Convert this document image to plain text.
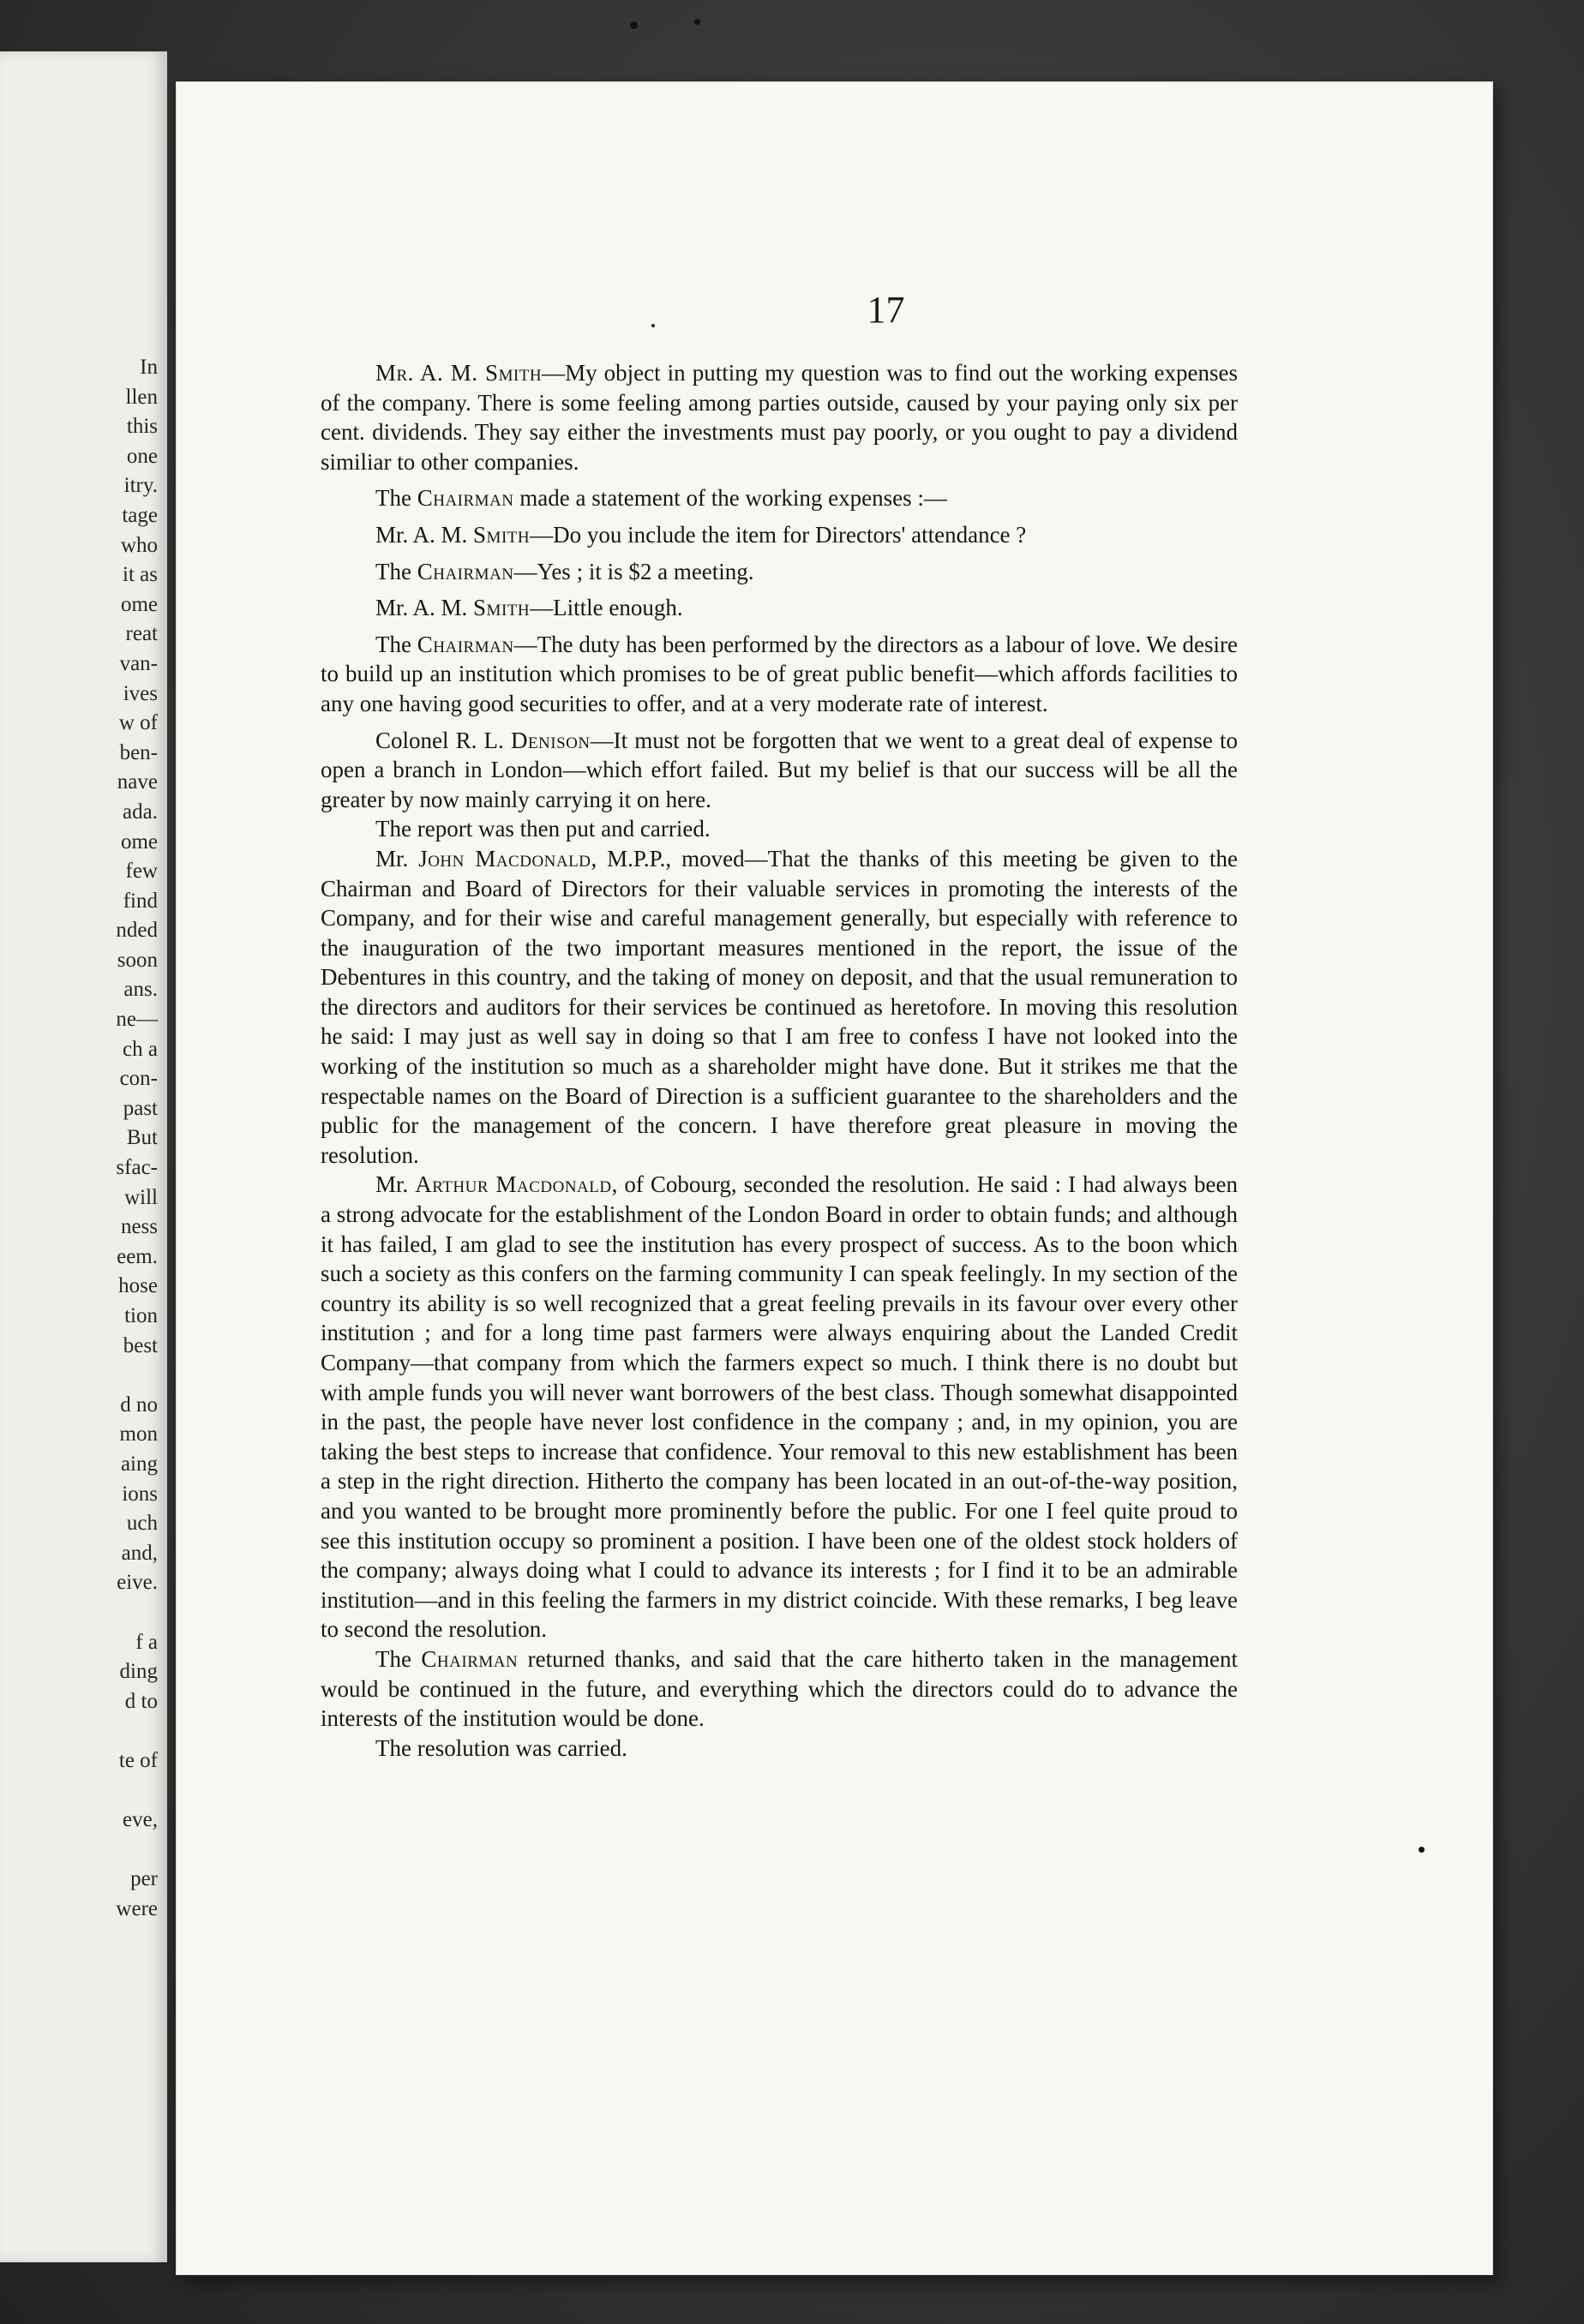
In
llen
this
one
itry.
tage
who
it as
ome
reat
van-
ives
w of
ben-
nave
ada.
ome
few
find
nded
soon
ans.
ne—
ch a
con-
past
But
sfac-
will
ness
eem.
hose
tion
best

d no
mon
aing
ions
uch
and,
eive.

f a
ding
d to

te of

eve,

per
were
17

Mr. A. M. Smith—My object in putting my question was to find out the working expenses of the company. There is some feeling among parties outside, caused by your paying only six per cent. dividends. They say either the investments must pay poorly, or you ought to pay a dividend similiar to other companies.

The Chairman made a statement of the working expenses :—

Mr. A. M. Smith—Do you include the item for Directors' attendance ?

The Chairman—Yes ; it is $2 a meeting.

Mr. A. M. Smith—Little enough.

The Chairman—The duty has been performed by the directors as a labour of love. We desire to build up an institution which promises to be of great public benefit—which affords facilities to any one having good securities to offer, and at a very moderate rate of interest.

Colonel R. L. Denison—It must not be forgotten that we went to a great deal of expense to open a branch in London—which effort failed. But my belief is that our success will be all the greater by now mainly carrying it on here.

The report was then put and carried.

Mr. John Macdonald, M.P.P., moved—That the thanks of this meeting be given to the Chairman and Board of Directors for their valuable services in promoting the interests of the Company, and for their wise and careful management generally, but especially with reference to the inauguration of the two important measures mentioned in the report, the issue of the Debentures in this country, and the taking of money on deposit, and that the usual remuneration to the directors and auditors for their services be continued as heretofore. In moving this resolution he said: I may just as well say in doing so that I am free to confess I have not looked into the working of the institution so much as a shareholder might have done. But it strikes me that the respectable names on the Board of Direction is a sufficient guarantee to the shareholders and the public for the management of the concern. I have therefore great pleasure in moving the resolution.

Mr. Arthur Macdonald, of Cobourg, seconded the resolution. He said : I had always been a strong advocate for the establishment of the London Board in order to obtain funds; and although it has failed, I am glad to see the institution has every prospect of success. As to the boon which such a society as this confers on the farming community I can speak feelingly. In my section of the country its ability is so well recognized that a great feeling prevails in its favour over every other institution ; and for a long time past farmers were always enquiring about the Landed Credit Company—that company from which the farmers expect so much. I think there is no doubt but with ample funds you will never want borrowers of the best class. Though somewhat disappointed in the past, the people have never lost confidence in the company ; and, in my opinion, you are taking the best steps to increase that confidence. Your removal to this new establishment has been a step in the right direction. Hitherto the company has been located in an out-of-the-way position, and you wanted to be brought more prominently before the public. For one I feel quite proud to see this institution occupy so prominent a position. I have been one of the oldest stock holders of the company; always doing what I could to advance its interests ; for I find it to be an admirable institution—and in this feeling the farmers in my district coincide. With these remarks, I beg leave to second the resolution.

The Chairman returned thanks, and said that the care hitherto taken in the management would be continued in the future, and everything which the directors could do to advance the interests of the institution would be done.

The resolution was carried.
